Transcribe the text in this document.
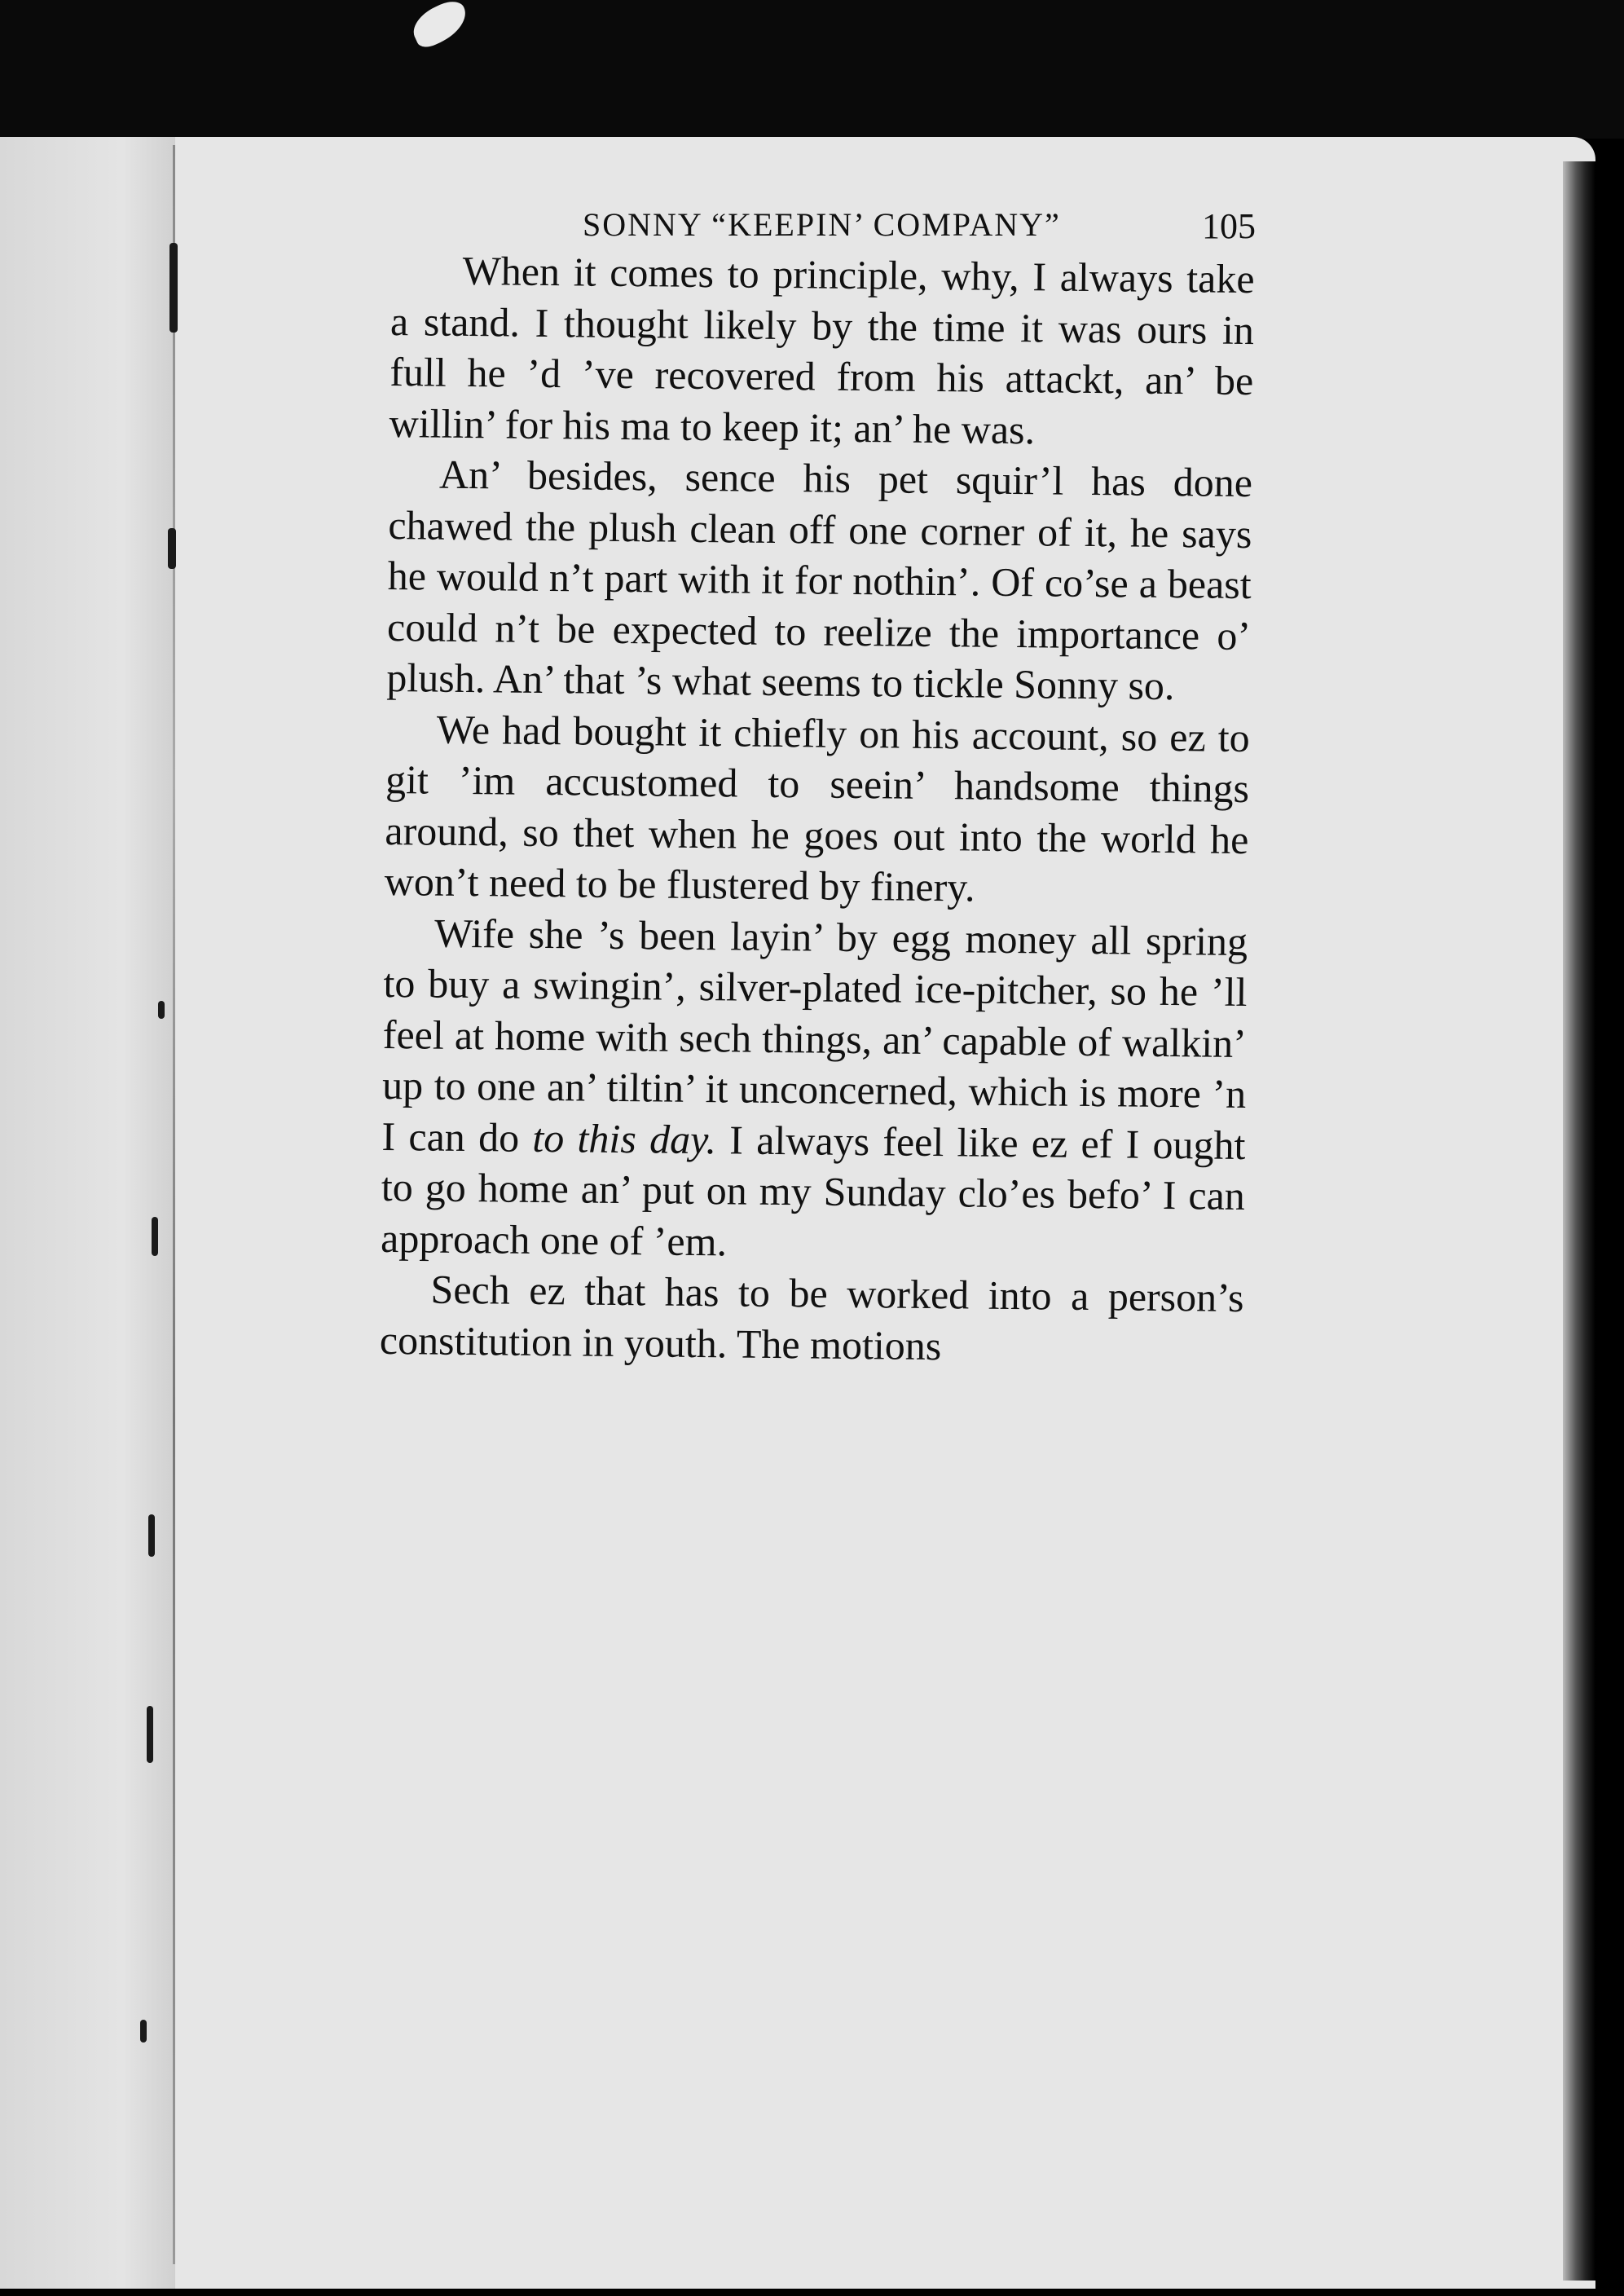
SONNY “KEEPIN’ COMPANY”	105

When it comes to principle, why, I always take a stand. I thought likely by the time it was ours in full he ’d ’ve recovered from his attackt, an’ be willin’ for his ma to keep it; an’ he was.

An’ besides, sence his pet squir’l has done chawed the plush clean off one corner of it, he says he would n’t part with it for nothin’. Of co’se a beast could n’t be expected to reelize the importance o’ plush. An’ that ’s what seems to tickle Sonny so.

We had bought it chiefly on his account, so ez to git ’im accustomed to seein’ handsome things around, so thet when he goes out into the world he won’t need to be flustered by finery.

Wife she ’s been layin’ by egg money all spring to buy a swingin’, silver-plated ice-pitcher, so he ’ll feel at home with sech things, an’ capable of walkin’ up to one an’ tiltin’ it unconcerned, which is more ’n I can do to this day. I always feel like ez ef I ought to go home an’ put on my Sunday clo’es befo’ I can approach one of ’em.

Sech ez that has to be worked into a person’s constitution in youth. The motions
